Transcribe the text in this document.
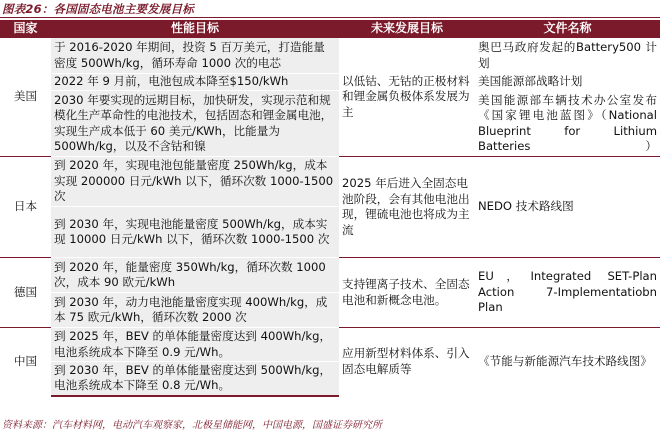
图表26：各国固态电池主要发展目标
国家	性能目标	未来发展目标	文件名称
美国	于 2016-2020 年期间，投资 5 百万美元，打造能量密度 500Wh/kg，循环寿命 1000 次的电芯	以低钴、无钴的正极材料和锂金属负极体系发展为主	奥巴马政府发起的Battery500 计划

	2022 年 9 月前，电池包成本降至$150/kWh		美国能源部战略计划
	2030 年要实现的远期目标，加快研发，实现示范和规模化生产革命性的电池技术，包括固态和锂金属电池，实现生产成本低于 60 美元/KWh，比能量为500Wh/kg，以及不含钴和镍		美国能源部车辆技术办公室发布《国家锂电池蓝图》（National Blueprint for Lithium Batteries）

日本	到 2020 年，实现电池包能量密度 250Wh/kg，成本实现 200000 日元/kWh 以下，循环次数 1000-1500 次	2025 年后进入全固态电池阶段，会有其他电池出现，锂硫电池也将成为主流	NEDO 技术路线图
	到 2030 年，实现电池能量密度 500Wh/kg，成本实现 10000 日元/kWh 以下，循环次数 1000-1500 次		
德国	到 2020 年，能量密度 350Wh/kg，循环次数 1000 次，成本 90 欧元/kWh	支持锂离子技术、全固态电池和新概念电池。	EU，Integrated SET-Plan Action 7-Implementatiobn Plan

	到 2030 年，动力电池能量密度实现 400Wh/kg，成本 75 欧元/kWh，循环次数 2000 次		
中国	到 2025 年，BEV 的单体能量密度达到 400Wh/kg，电池系统成本下降至 0.9 元/Wh。	应用新型材料体系、引入固态电解质等	《节能与新能源汽车技术路线图》
	到 2030 年，BEV 的单体能量密度达到 500Wh/kg，电池系统成本下降至 0.8 元/Wh。		
资料来源：汽车材料网，电动汽车观察家，北极星储能网，中国电源，国盛证券研究所
